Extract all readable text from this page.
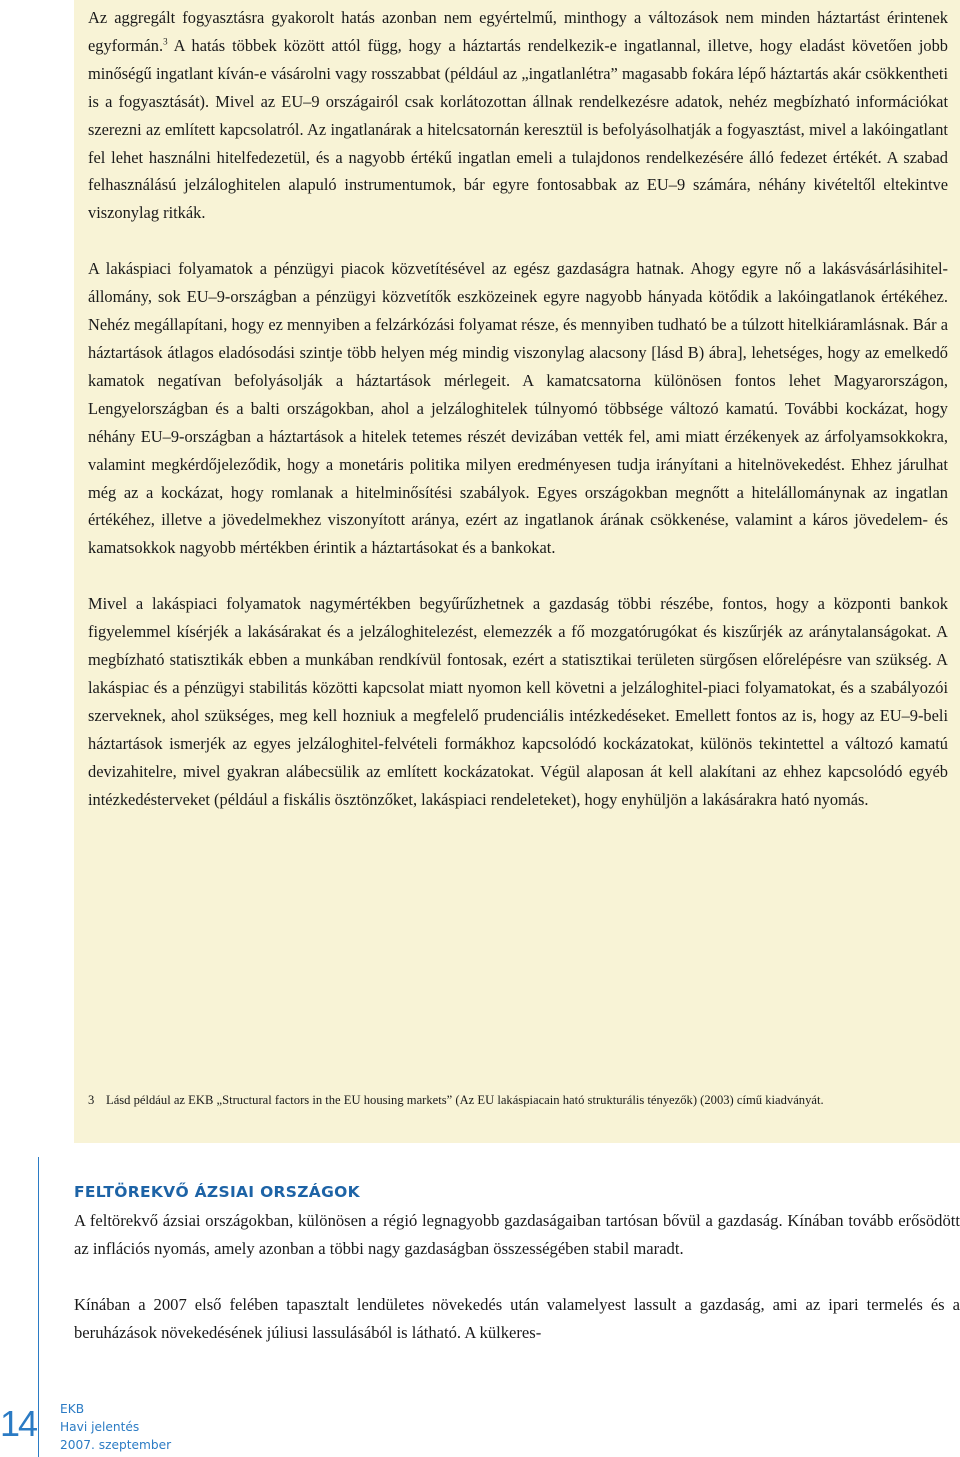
Az aggregált fogyasztásra gyakorolt hatás azonban nem egyértelmű, minthogy a változások nem minden háztartást érintenek egyformán.$^3$ A hatás többek között attól függ, hogy a háztartás rendelkezik-e ingatlannal, illetve, hogy eladást követően jobb minőségű ingatlant kíván-e vásárolni vagy rosszabbat (például az „ingatlanlétra” magasabb fokára lépő háztartás akár csökkentheti is a fogyasztását). Mivel az EU–9 országairól csak korlátozottan állnak rendelkezésre adatok, nehéz megbízható információkat szerezni az említett kapcsolatról. Az ingatlanárak a hitelcsatornán keresztül is befolyásolhatják a fogyasztást, mivel a lakóingatlant fel lehet használni hitelfedezetül, és a nagyobb értékű ingatlan emeli a tulajdonos rendelkezésére álló fedezet értékét. A szabad felhasználású jelzáloghitelen alapuló instrumentumok, bár egyre fontosabbak az EU–9 számára, néhány kivételtől eltekintve viszonylag ritkák.

A lakáspiaci folyamatok a pénzügyi piacok közvetítésével az egész gazdaságra hatnak. Ahogy egyre nő a lakásvásárlásihitel-állomány, sok EU–9-országban a pénzügyi közvetítők eszközeinek egyre nagyobb hányada kötődik a lakóingatlanok értékéhez. Nehéz megállapítani, hogy ez mennyiben a felzárkózási folyamat része, és mennyiben tudható be a túlzott hitelkiáramlásnak. Bár a háztartások átlagos eladósodási szintje több helyen még mindig viszonylag alacsony [lásd B) ábra], lehetséges, hogy az emelkedő kamatok negatívan befolyásolják a háztartások mérlegeit. A kamatcsatorna különösen fontos lehet Magyarországon, Lengyelországban és a balti országokban, ahol a jelzáloghitelek túlnyomó többsége változó kamatú. További kockázat, hogy néhány EU–9-országban a háztartások a hitelek tetemes részét devizában vették fel, ami miatt érzékenyek az árfolyamsokkokra, valamint megkérdőjeleződik, hogy a monetáris politika milyen eredményesen tudja irányítani a hitelnövekedést. Ehhez járulhat még az a kockázat, hogy romlanak a hitelminősítési szabályok. Egyes országokban megnőtt a hitelállománynak az ingatlan értékéhez, illetve a jövedelmekhez viszonyított aránya, ezért az ingatlanok árának csökkenése, valamint a káros jövedelem- és kamatsokkok nagyobb mértékben érintik a háztartásokat és a bankokat.

Mivel a lakáspiaci folyamatok nagymértékben begyűrűzhetnek a gazdaság többi részébe, fontos, hogy a központi bankok figyelemmel kísérjék a lakásárakat és a jelzáloghitelezést, elemezzék a fő mozgatórugókat és kiszűrjék az aránytalanságokat. A megbízható statisztikák ebben a munkában rendkívül fontosak, ezért a statisztikai területen sürgősen előrelépésre van szükség. A lakáspiac és a pénzügyi stabilitás közötti kapcsolat miatt nyomon kell követni a jelzáloghitel-piaci folyamatokat, és a szabályozói szerveknek, ahol szükséges, meg kell hozniuk a megfelelő prudenciális intézkedéseket. Emellett fontos az is, hogy az EU–9-beli háztartások ismerjék az egyes jelzáloghitel-felvételi formákhoz kapcsolódó kockázatokat, különös tekintettel a változó kamatú devizahitelre, mivel gyakran alábecsülik az említett kockázatokat. Végül alaposan át kell alakítani az ehhez kapcsolódó egyéb intézkedésterveket (például a fiskális ösztönzőket, lakáspiaci rendeleteket), hogy enyhüljön a lakásárakra ható nyomás.

3 Lásd például az EKB „Structural factors in the EU housing markets” (Az EU lakáspiacain ható strukturális tényezők) (2003) című kiadványát.
FELTÖREKVŐ ÁZSIAI ORSZÁGOK

A feltörekvő ázsiai országokban, különösen a régió legnagyobb gazdaságaiban tartósan bővül a gazdaság. Kínában tovább erősödött az inflációs nyomás, amely azonban a többi nagy gazdaságban összességében stabil maradt.

Kínában a 2007 első felében tapasztalt lendületes növekedés után valamelyest lassult a gazdaság, ami az ipari termelés és a beruházások növekedésének júliusi lassulásából is látható. A külkeres-

14 EKB
Havi jelentés
2007. szeptember
